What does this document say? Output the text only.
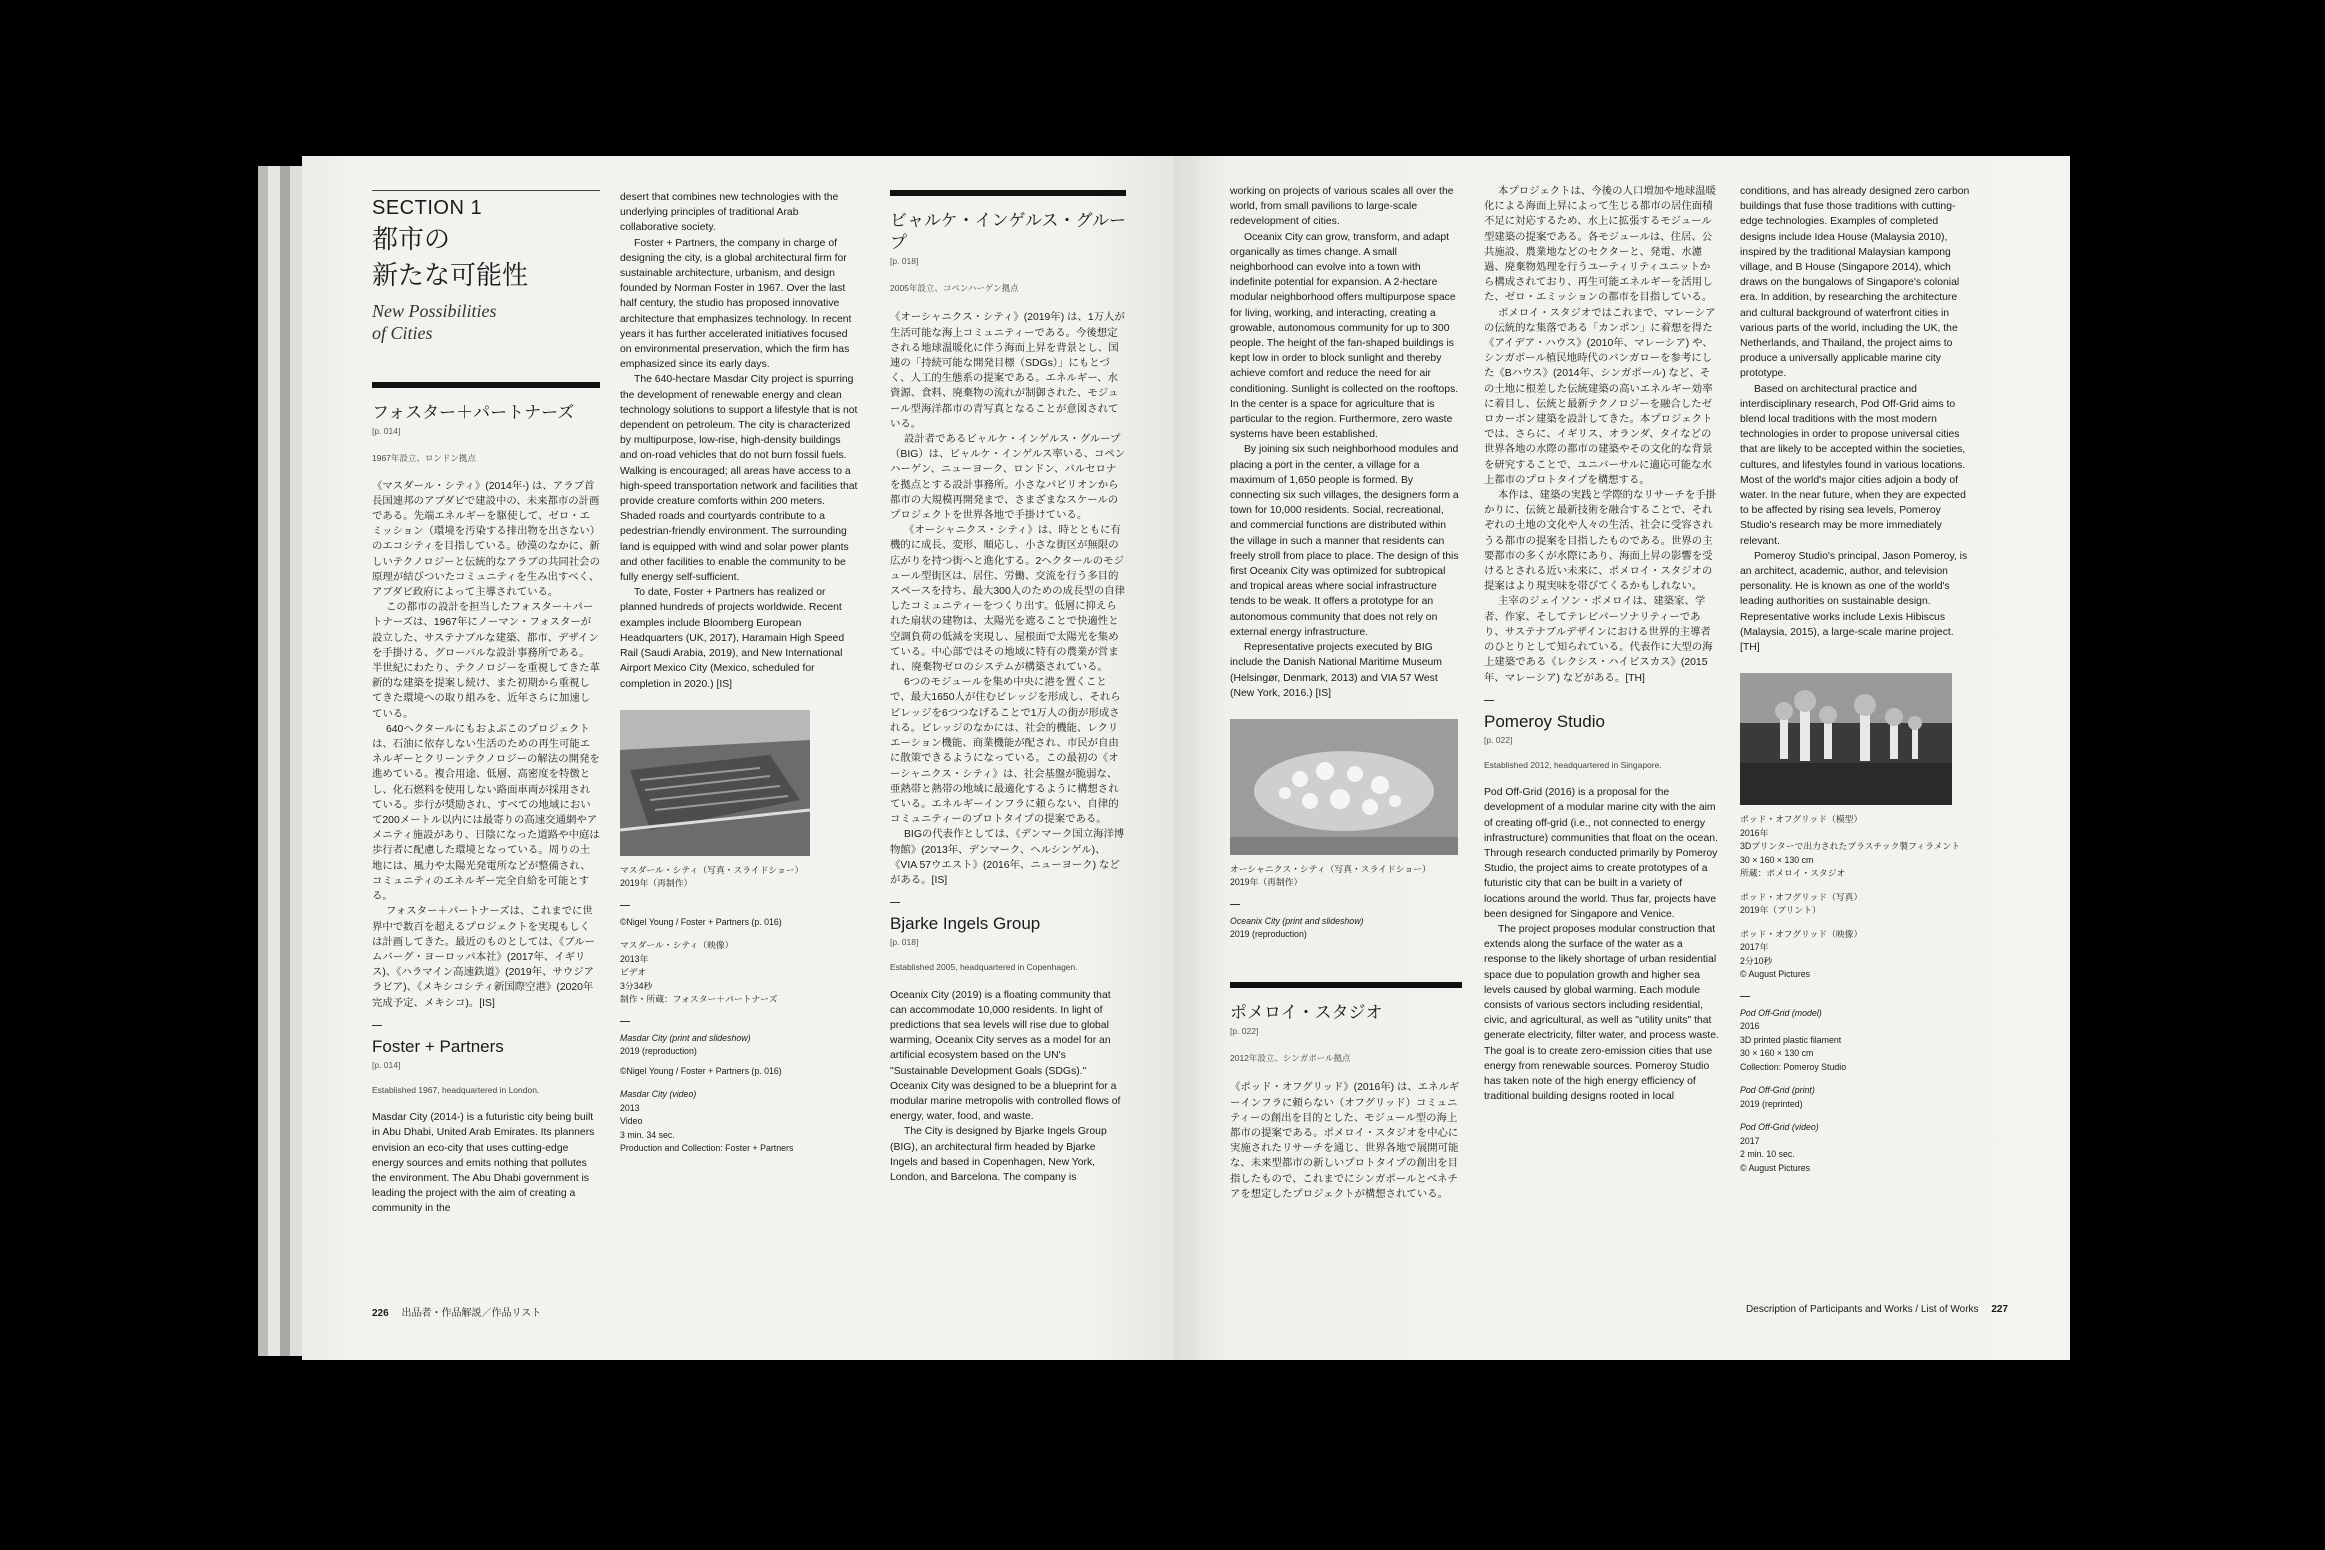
SECTION 1
都市の
新たな可能性
New Possibilities
of Cities
フォスター＋パートナーズ
[p. 014]

1967年設立、ロンドン拠点

《マスダール・シティ》(2014年-) は、アラブ首長国連邦のアブダビで建設中の、未来都市の計画である。先端エネルギーを駆使して、ゼロ・エミッション（環境を汚染する排出物を出さない）のエコシティを目指している。砂漠のなかに、新しいテクノロジーと伝統的なアラブの共同社会の原理が結びついたコミュニティを生み出すべく、アブダビ政府によって主導されている。

この都市の設計を担当したフォスター＋パートナーズは、1967年にノーマン・フォスターが設立した、サステナブルな建築、都市、デザインを手掛ける、グローバルな設計事務所である。半世紀にわたり、テクノロジーを重視してきた革新的な建築を提案し続け、また初期から重視してきた環境への取り組みを、近年さらに加速している。

640ヘクタールにもおよぶこのプロジェクトは、石油に依存しない生活のための再生可能エネルギーとクリーンテクノロジーの解法の開発を進めている。複合用途、低層、高密度を特徴とし、化石燃料を使用しない路面車両が採用されている。歩行が奨励され、すべての地域において200メートル以内には最寄りの高速交通網やアメニティ施設があり、日陰になった道路や中庭は歩行者に配慮した環境となっている。周りの土地には、風力や太陽光発電所などが整備され、コミュニティのエネルギー完全自給を可能とする。

フォスター＋パートナーズは、これまでに世界中で数百を超えるプロジェクトを実現もしくは計画してきた。最近のものとしては、《ブルームバーグ・ヨーロッパ本社》(2017年、イギリス)、《ハラマイン高速鉄道》(2019年、サウジアラビア)、《メキシコシティ新国際空港》(2020年完成予定、メキシコ)。[IS]

Foster + Partners
[p. 014]

Established 1967, headquartered in London.

Masdar City (2014-) is a futuristic city being built in Abu Dhabi, United Arab Emirates. Its planners envision an eco-city that uses cutting-edge energy sources and emits nothing that pollutes the environment. The Abu Dhabi government is leading the project with the aim of creating a community in the

desert that combines new technologies with the underlying principles of traditional Arab collaborative society.

Foster + Partners, the company in charge of designing the city, is a global architectural firm for sustainable architecture, urbanism, and design founded by Norman Foster in 1967. Over the last half century, the studio has proposed innovative architecture that emphasizes technology. In recent years it has further accelerated initiatives focused on environmental preservation, which the firm has emphasized since its early days.

The 640-hectare Masdar City project is spurring the development of renewable energy and clean technology solutions to support a lifestyle that is not dependent on petroleum. The city is characterized by multipurpose, low-rise, high-density buildings and on-road vehicles that do not burn fossil fuels. Walking is encouraged; all areas have access to a high-speed transportation network and facilities that provide creature comforts within 200 meters. Shaded roads and courtyards contribute to a pedestrian-friendly environment. The surrounding land is equipped with wind and solar power plants and other facilities to enable the community to be fully energy self-sufficient.

To date, Foster + Partners has realized or planned hundreds of projects worldwide. Recent examples include Bloomberg European Headquarters (UK, 2017), Haramain High Speed Rail (Saudi Arabia, 2019), and New International Airport Mexico City (Mexico, scheduled for completion in 2020.) [IS]

マスダール・シティ（写真・スライドショー）
2019年（再制作）
©Nigel Young / Foster + Partners (p. 016)
マスダール・シティ（映像）
2013年
ビデオ
3分34秒
制作・所蔵：フォスター＋パートナーズ
Masdar City (print and slideshow)
2019 (reproduction)
©Nigel Young / Foster + Partners (p. 016)
Masdar City (video)
2013
Video
3 min. 34 sec.
Production and Collection: Foster + Partners
ビャルケ・インゲルス・グループ
[p. 018]

2005年設立、コペンハーゲン拠点

《オーシャニクス・シティ》(2019年) は、1万人が生活可能な海上コミュニティーである。今後想定される地球温暖化に伴う海面上昇を背景とし、国連の「持続可能な開発目標（SDGs）」にもとづく、人工的生態系の提案である。エネルギー、水資源、食料、廃棄物の流れが制御された、モジュール型海洋都市の青写真となることが意図されている。

設計者であるビャルケ・インゲルス・グループ（BIG）は、ビャルケ・インゲルス率いる、コペンハーゲン、ニューヨーク、ロンドン、バルセロナを拠点とする設計事務所。小さなパビリオンから都市の大規模再開発まで、さまざまなスケールのプロジェクトを世界各地で手掛けている。

《オーシャニクス・シティ》は、時とともに有機的に成長、変形、順応し、小さな街区が無限の広がりを持つ街へと進化する。2ヘクタールのモジュール型街区は、居住、労働、交流を行う多目的スペースを持ち、最大300人のための成長型の自律したコミュニティーをつくり出す。低層に抑えられた扇状の建物は、太陽光を遮ることで快適性と空調負荷の低減を実現し、屋根面で太陽光を集めている。中心部ではその地域に特有の農業が営まれ、廃棄物ゼロのシステムが構築されている。

6つのモジュールを集め中央に港を置くことで、最大1650人が住むビレッジを形成し、それらビレッジを6つつなげることで1万人の街が形成される。ビレッジのなかには、社会的機能、レクリエーション機能、商業機能が配され、市民が自由に散策できるようになっている。この最初の《オーシャニクス・シティ》は、社会基盤が脆弱な、亜熱帯と熱帯の地域に最適化するように構想されている。エネルギーインフラに頼らない、自律的コミュニティーのプロトタイプの提案である。

BIGの代表作としては、《デンマーク国立海洋博物館》(2013年、デンマーク、ヘルシンゲル)、《VIA 57ウエスト》(2016年、ニューヨーク) などがある。[IS]

Bjarke Ingels Group
[p. 018]

Established 2005, headquartered in Copenhagen.

Oceanix City (2019) is a floating community that can accommodate 10,000 residents. In light of predictions that sea levels will rise due to global warming, Oceanix City serves as a model for an artificial ecosystem based on the UN's "Sustainable Development Goals (SDGs)." Oceanix City was designed to be a blueprint for a modular marine metropolis with controlled flows of energy, water, food, and waste.

The City is designed by Bjarke Ingels Group (BIG), an architectural firm headed by Bjarke Ingels and based in Copenhagen, New York, London, and Barcelona. The company is

226 出品者・作品解説／作品リスト

working on projects of various scales all over the world, from small pavilions to large-scale redevelopment of cities.

Oceanix City can grow, transform, and adapt organically as times change. A small neighborhood can evolve into a town with indefinite potential for expansion. A 2-hectare modular neighborhood offers multipurpose space for living, working, and interacting, creating a growable, autonomous community for up to 300 people. The height of the fan-shaped buildings is kept low in order to block sunlight and thereby achieve comfort and reduce the need for air conditioning. Sunlight is collected on the rooftops. In the center is a space for agriculture that is particular to the region. Furthermore, zero waste systems have been established.

By joining six such neighborhood modules and placing a port in the center, a village for a maximum of 1,650 people is formed. By connecting six such villages, the designers form a town for 10,000 residents. Social, recreational, and commercial functions are distributed within the village in such a manner that residents can freely stroll from place to place. The design of this first Oceanix City was optimized for subtropical and tropical areas where social infrastructure tends to be weak. It offers a prototype for an autonomous community that does not rely on external energy infrastructure.

Representative projects executed by BIG include the Danish National Maritime Museum (Helsingør, Denmark, 2013) and VIA 57 West (New York, 2016.) [IS]

オーシャニクス・シティ（写真・スライドショー）
2019年（再制作）
Oceanix City (print and slideshow)
2019 (reproduction)
ポメロイ・スタジオ
[p. 022]

2012年設立、シンガポール拠点

《ポッド・オフグリッド》(2016年) は、エネルギーインフラに頼らない（オフグリッド）コミュニティーの創出を目的とした、モジュール型の海上都市の提案である。ポメロイ・スタジオを中心に実施されたリサーチを通じ、世界各地で展開可能な、未来型都市の新しいプロトタイプの創出を目指したもので、これまでにシンガポールとベネチアを想定したプロジェクトが構想されている。

本プロジェクトは、今後の人口増加や地球温暖化による海面上昇によって生じる都市の居住面積不足に対応するため、水上に拡張するモジュール型建築の提案である。各モジュールは、住居、公共施設、農業地などのセクターと、発電、水濾過、廃棄物処理を行うユーティリティユニットから構成されており、再生可能エネルギーを活用した、ゼロ・エミッションの都市を目指している。

ポメロイ・スタジオではこれまで、マレーシアの伝統的な集落である「カンポン」に着想を得た《アイデア・ハウス》(2010年、マレーシア) や、シンガポール植民地時代のバンガローを参考にした《Bハウス》(2014年、シンガポール) など、その土地に根差した伝統建築の高いエネルギー効率に着目し、伝統と最新テクノロジーを融合したゼロカーボン建築を設計してきた。本プロジェクトでは、さらに、イギリス、オランダ、タイなどの世界各地の水際の都市の建築やその文化的な背景を研究することで、ユニバーサルに適応可能な水上都市のプロトタイプを構想する。

本作は、建築の実践と学際的なリサーチを手掛かりに、伝統と最新技術を融合することで、それぞれの土地の文化や人々の生活、社会に受容されうる都市の提案を目指したものである。世界の主要都市の多くが水際にあり、海面上昇の影響を受けるとされる近い未来に、ポメロイ・スタジオの提案はより現実味を帯びてくるかもしれない。

主宰のジェイソン・ポメロイは、建築家、学者、作家、そしてテレビパーソナリティーであり、サステナブルデザインにおける世界的主導者のひとりとして知られている。代表作に大型の海上建築である《レクシス・ハイビスカス》(2015年、マレーシア) などがある。[TH]

Pomeroy Studio
[p. 022]

Established 2012, headquartered in Singapore.

Pod Off-Grid (2016) is a proposal for the development of a modular marine city with the aim of creating off-grid (i.e., not connected to energy infrastructure) communities that float on the ocean. Through research conducted primarily by Pomeroy Studio, the project aims to create prototypes of a futuristic city that can be built in a variety of locations around the world. Thus far, projects have been designed for Singapore and Venice.

The project proposes modular construction that extends along the surface of the water as a response to the likely shortage of urban residential space due to population growth and higher sea levels caused by global warming. Each module consists of various sectors including residential, civic, and agricultural, as well as "utility units" that generate electricity, filter water, and process waste. The goal is to create zero-emission cities that use energy from renewable sources. Pomeroy Studio has taken note of the high energy efficiency of traditional building designs rooted in local

conditions, and has already designed zero carbon buildings that fuse those traditions with cutting-edge technologies. Examples of completed designs include Idea House (Malaysia 2010), inspired by the traditional Malaysian kampong village, and B House (Singapore 2014), which draws on the bungalows of Singapore's colonial era. In addition, by researching the architecture and cultural background of waterfront cities in various parts of the world, including the UK, the Netherlands, and Thailand, the project aims to produce a universally applicable marine city prototype.

Based on architectural practice and interdisciplinary research, Pod Off-Grid aims to blend local traditions with the most modern technologies in order to propose universal cities that are likely to be accepted within the societies, cultures, and lifestyles found in various locations. Most of the world's major cities adjoin a body of water. In the near future, when they are expected to be affected by rising sea levels, Pomeroy Studio's research may be more immediately relevant.

Pomeroy Studio's principal, Jason Pomeroy, is an architect, academic, author, and television personality. He is known as one of the world's leading authorities on sustainable design. Representative works include Lexis Hibiscus (Malaysia, 2015), a large-scale marine project. [TH]

ポッド・オフグリッド（模型）
2016年
3Dプリンターで出力されたプラスチック製フィラメント
30 × 160 × 130 cm
所蔵：ポメロイ・スタジオ
ポッド・オフグリッド（写真）
2019年（プリント）
ポッド・オフグリッド（映像）
2017年
2分10秒
© August Pictures
Pod Off-Grid (model)
2016
3D printed plastic filament
30 × 160 × 130 cm
Collection: Pomeroy Studio
Pod Off-Grid (print)
2019 (reprinted)
Pod Off-Grid (video)
2017
2 min. 10 sec.
© August Pictures
Description of Participants and Works / List of Works 227
